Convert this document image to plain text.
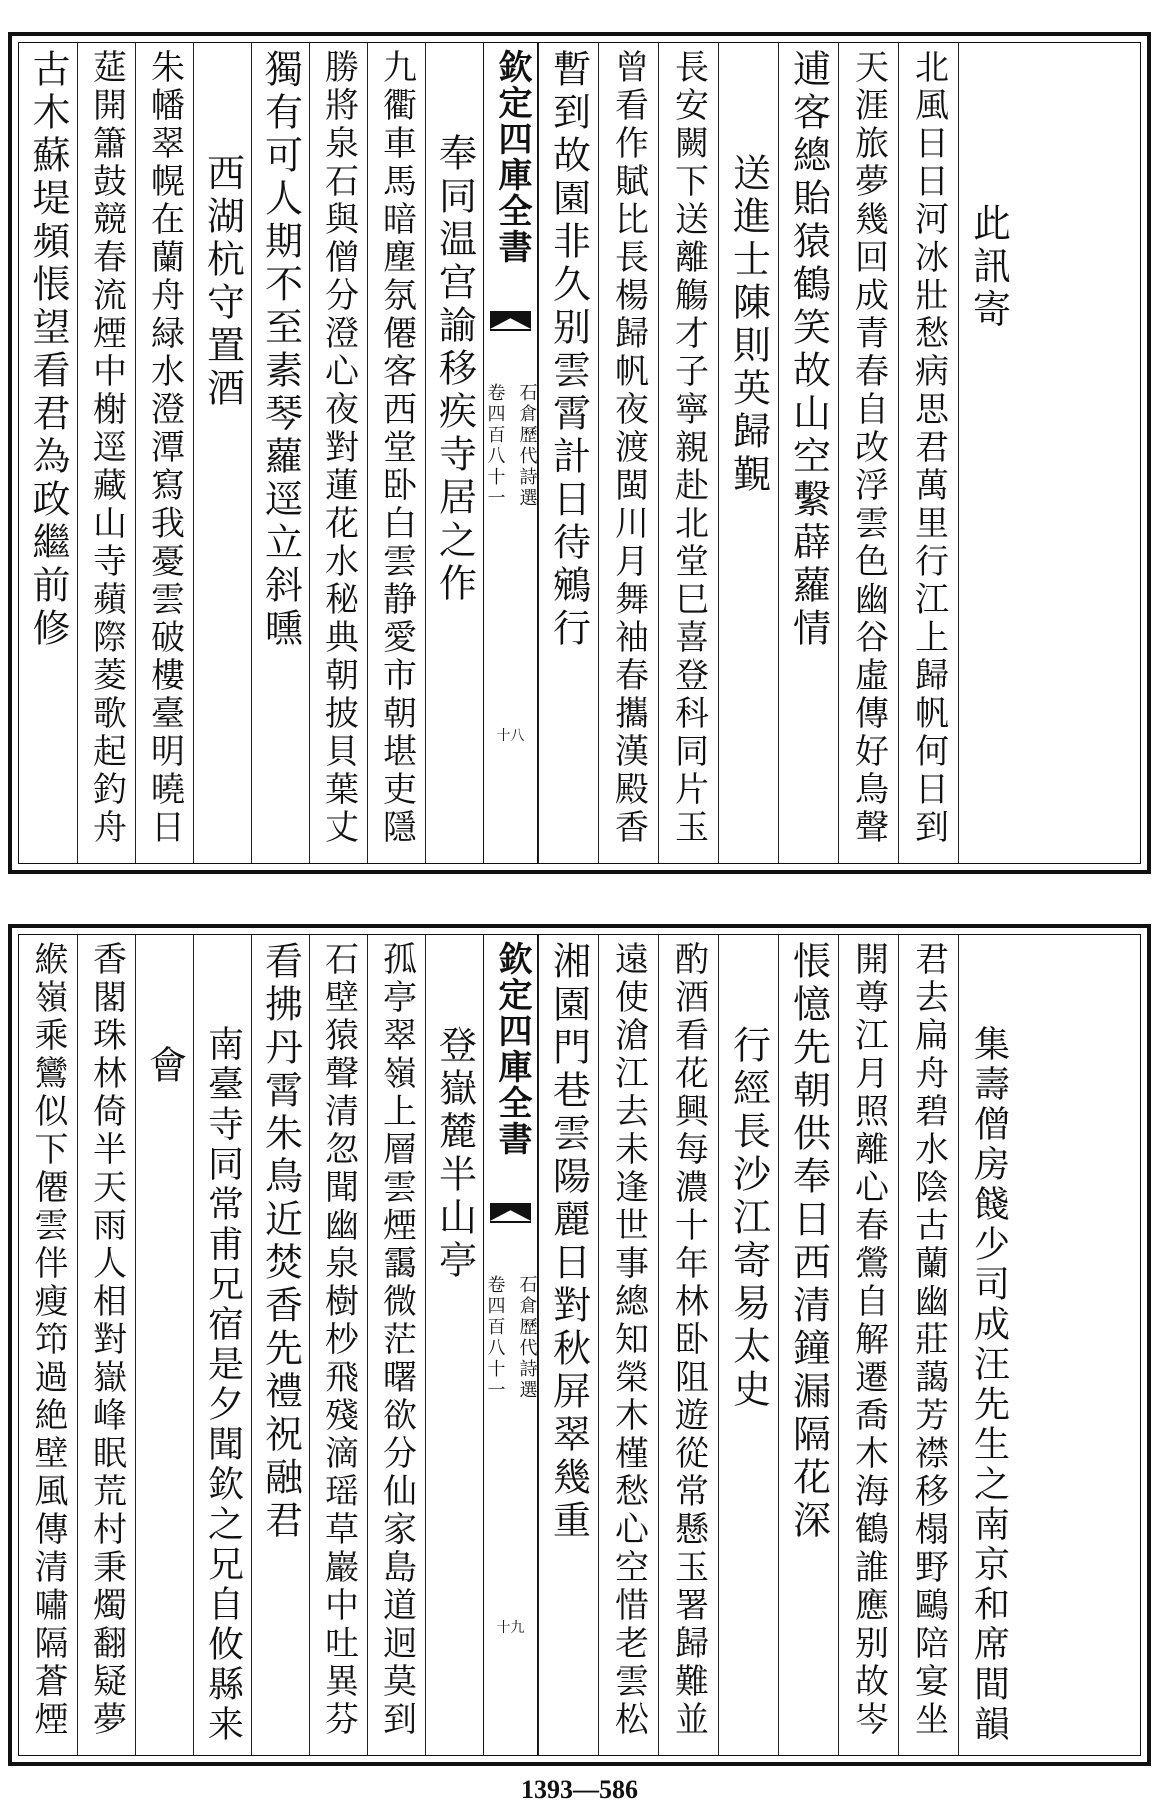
古木蘇堤頻悵望看君為政繼前修 莚開簫鼓競春流煙中榭逕藏山寺蘋際菱歌起釣舟 朱幡翠幌在蘭舟緑水澄潭寫我憂雲破樓臺明曉日 西湖杭守置酒 獨有可人期不至素琴蘿逕立斜曛 勝將泉石與僧分澄心夜對蓮花水秘典朝披貝葉丈 九衢車馬暗塵氛僊客西堂卧白雲静愛市朝堪吏隱 奉同温宫諭移疾寺居之作 欽定四庫全書
卷四百八十一 石倉歷代詩選
十八
暫到故園非久别雲霄計日待鵷行 曾看作賦比長楊歸帆夜渡閩川月舞袖春攜漢殿香 長安闕下送離觴才子寧親赴北堂巳喜登科同片玉 送進士陳則英歸覲 逋客總貽猿鶴笑故山空繫薜蘿情 天涯旅夢幾回成青春自改浮雲色幽谷虛傳好鳥聲 北風日日河冰壯愁病思君萬里行江上歸帆何日到 此訊寄
緱嶺乘鸞似下僊雲伴瘦笻過絶壁風傳清嘯隔蒼煙 香閣珠林倚半天雨人相對嶽峰眠荒村秉燭翻疑夢 會 南臺寺同常甫兄宿是夕聞欽之兄自攸縣来 看拂丹霄朱鳥近焚香先禮祝融君 石壁猿聲清忽聞幽泉樹杪飛殘滴瑶草巖中吐異芬 孤亭翠嶺上層雲煙靄微茫曙欲分仙家島道迥莫到 登嶽麓半山亭 欽定四庫全書
卷四百八十一 石倉歷代詩選
十九
湘園門巷雲陽麗日對秋屏翠幾重 遠使滄江去未逢世事總知榮木槿愁心空惜老雲松 酌酒看花興每濃十年林卧阻遊從常懸玉署歸難並 行經長沙江寄易太史 悵憶先朝供奉日西清鐘漏隔花深 開尊江月照離心春鶯自解遷喬木海鶴誰應别故岑 君去扁舟碧水陰古蘭幽莊藹芳襟移榻野鷗陪宴坐 集壽僧房餞少司成汪先生之南京和席間韻
1393—586
